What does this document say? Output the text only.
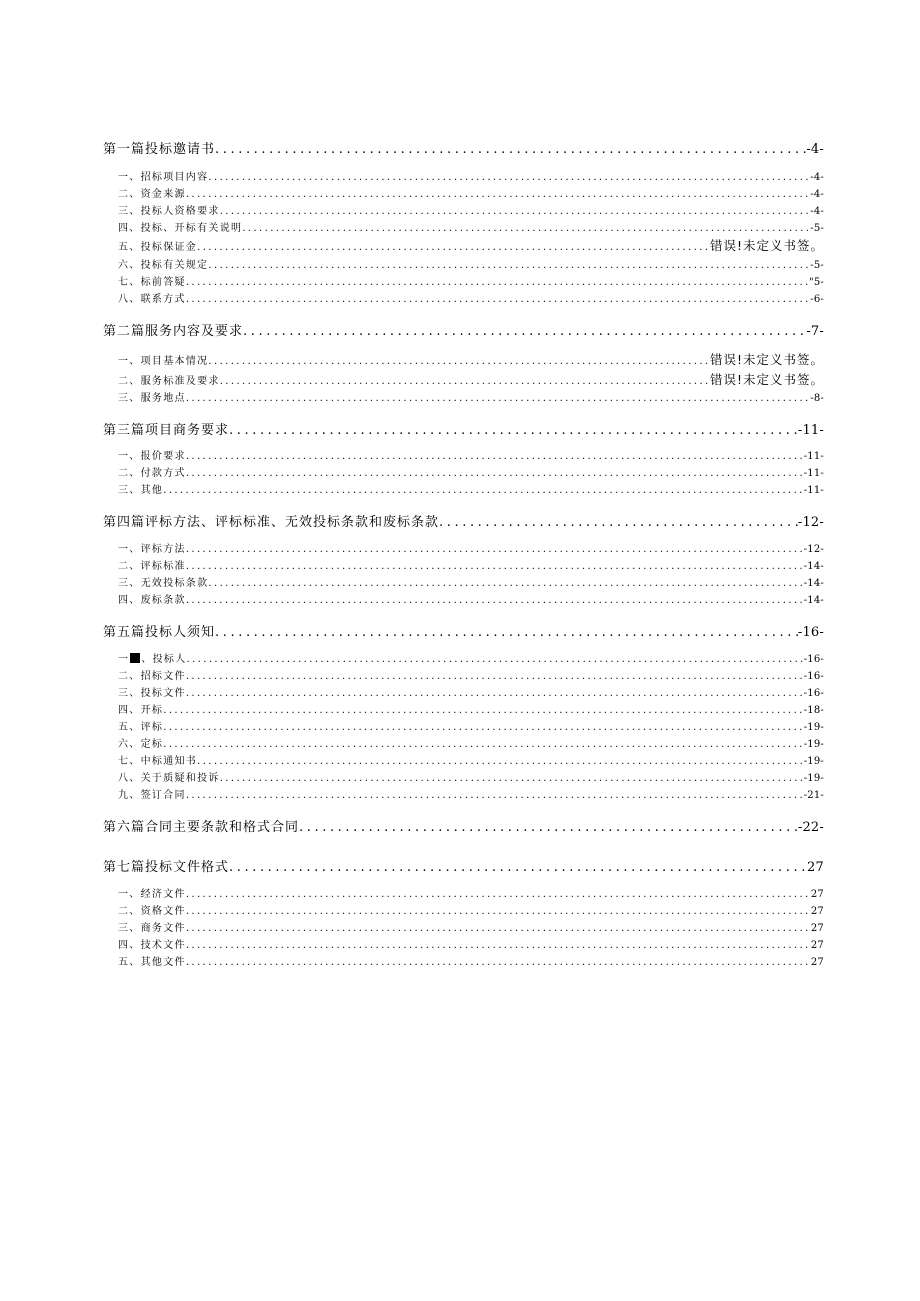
第一篇投标邀请书 .....	-4-
一、招标项目内容 .....	-4-
二、资金来源 .....	-4-
三、投标人资格要求 .....	-4-
四、投标、开标有关说明 .....	-5-
五、投标保证金 .....	错误!未定义书签。
六、投标有关规定 .....	-5-
七、标前答疑 .....	"5-
八、联系方式 .....	-6-
第二篇服务内容及要求 .....	-7-
一、项目基本情况 .....	错误!未定义书签。
二、服务标准及要求 .....	错误!未定义书签。
三、服务地点 .....	-8-
第三篇项目商务要求 .....	-11-
一、报价要求 .....	-11-
二、付款方式 .....	-11-
三、其他 .....	-11-
第四篇评标方法、评标标准、无效投标条款和废标条款 .....	-12-
一、评标方法 .....	-12-
二、评标标准 .....	-14-
三、无效投标条款 .....	-14-
四、废标条款 .....	-14-
第五篇投标人须知 .....	-16-
一 、投标人 .....	-16-
二、招标文件 .....	-16-
三、投标文件 .....	-16-
四、开标 .....	-18-
五、评标 .....	-19-
六、定标 .....	-19-
七、中标通知书 .....	-19-
八、关于质疑和投诉 .....	-19-
九、签订合同 .....	-21-
第六篇合同主要条款和格式合同 .....	-22-
第七篇投标文件格式 .....	27
一、经济文件 .....	27
二、资格文件 .....	27
三、商务文件 .....	27
四、技术文件 .....	27
五、其他文件 .....	27
